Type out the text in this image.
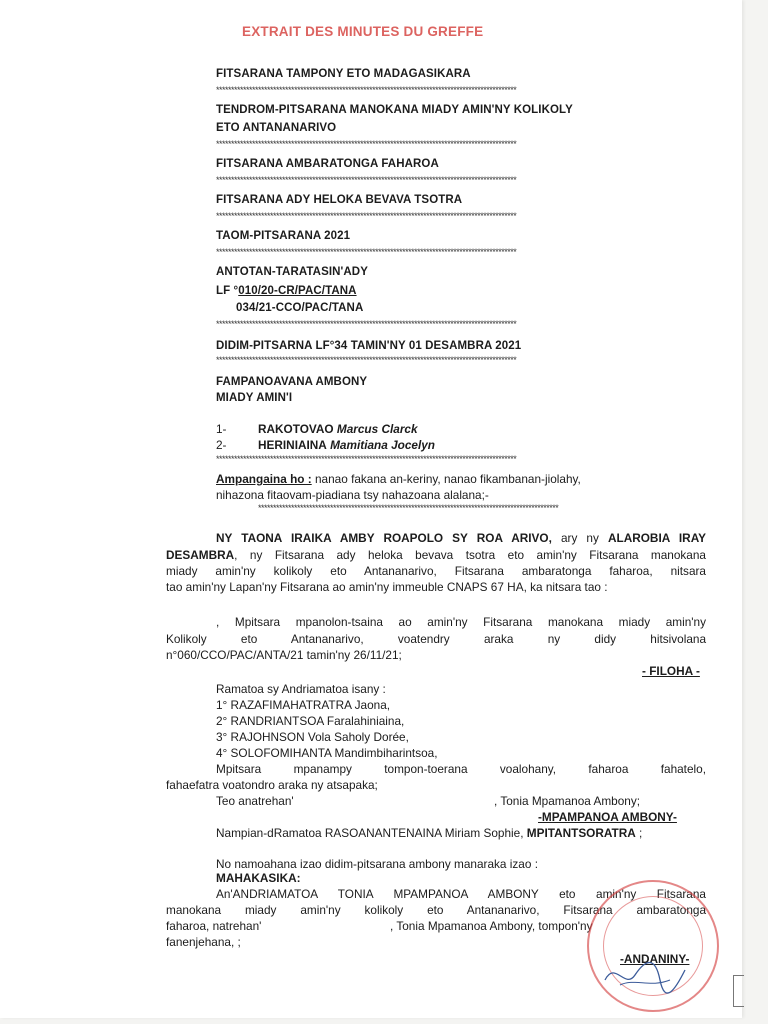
EXTRAIT DES MINUTES DU GREFFE
FITSARANA TAMPONY ETO MADAGASIKARA
****************************************************************************************************
TENDROM-PITSARANA MANOKANA MIADY AMIN'NY KOLIKOLY
ETO ANTANANARIVO
****************************************************************************************************
FITSARANA AMBARATONGA FAHAROA
****************************************************************************************************
FITSARANA ADY HELOKA BEVAVA TSOTRA
****************************************************************************************************
TAOM-PITSARANA 2021
****************************************************************************************************
ANTOTAN-TARATASIN'ADY
LF °010/20-CR/PAC/TANA
034/21-CCO/PAC/TANA
****************************************************************************************************
DIDIM-PITSARNA LF°34 TAMIN'NY 01 DESAMBRA 2021
****************************************************************************************************
FAMPANOAVANA AMBONY
MIADY AMIN'I
1-	RAKOTOVAO Marcus Clarck
2-	HERINIAINA Mamitiana Jocelyn
****************************************************************************************************
Ampangaina ho : nanao fakana an-keriny, nanao fikambanan-jiolahy,
nihazona fitaovam-piadiana tsy nahazoana alalana;-
****************************************************************************************************
NY TAONA IRAIKA AMBY ROAPOLO SY ROA ARIVO, ary ny ALAROBIA IRAY
DESAMBRA, ny Fitsarana ady heloka bevava tsotra eto amin'ny Fitsarana manokana
miady amin'ny kolikoly eto Antananarivo, Fitsarana ambaratonga faharoa, nitsara
tao amin'ny Lapan'ny Fitsarana ao amin'ny immeuble CNAPS 67 HA, ka nitsara tao :
, Mpitsara mpanolon-tsaina ao amin'ny Fitsarana manokana miady amin'ny
Kolikoly eto Antananarivo, voatendry araka ny didy hitsivolana
n°060/CCO/PAC/ANTA/21 tamin'ny 26/11/21;
- FILOHA -
Ramatoa sy Andriamatoa isany :
1° RAZAFIMAHATRATRA Jaona,
2° RANDRIANTSOA Faralahiniaina,
3° RAJOHNSON Vola Saholy Dorée,
4° SOLOFOMIHANTA Mandimbiharintsoa,
Mpitsara mpanampy tompon-toerana voalohany, faharoa fahatelo,
fahaefatra voatondro araka ny atsapaka;
Teo anatrehan'	, Tonia Mpamanoa Ambony;
-MPAMPANOA AMBONY-
Nampian-dRamatoa RASOANANTENAINA Miriam Sophie, MPITANTSORATRA ;
No namoahana izao didim-pitsarana ambony manaraka izao :
MAHAKASIKA:
An'ANDRIAMATOA TONIA MPAMPANOA AMBONY eto amin'ny Fitsarana
manokana miady amin'ny kolikoly eto Antananarivo, Fitsarana ambaratonga
faharoa, natrehan'	, Tonia Mpamanoa Ambony, tompon'ny
fanenjehana, ;
-ANDANINY-
